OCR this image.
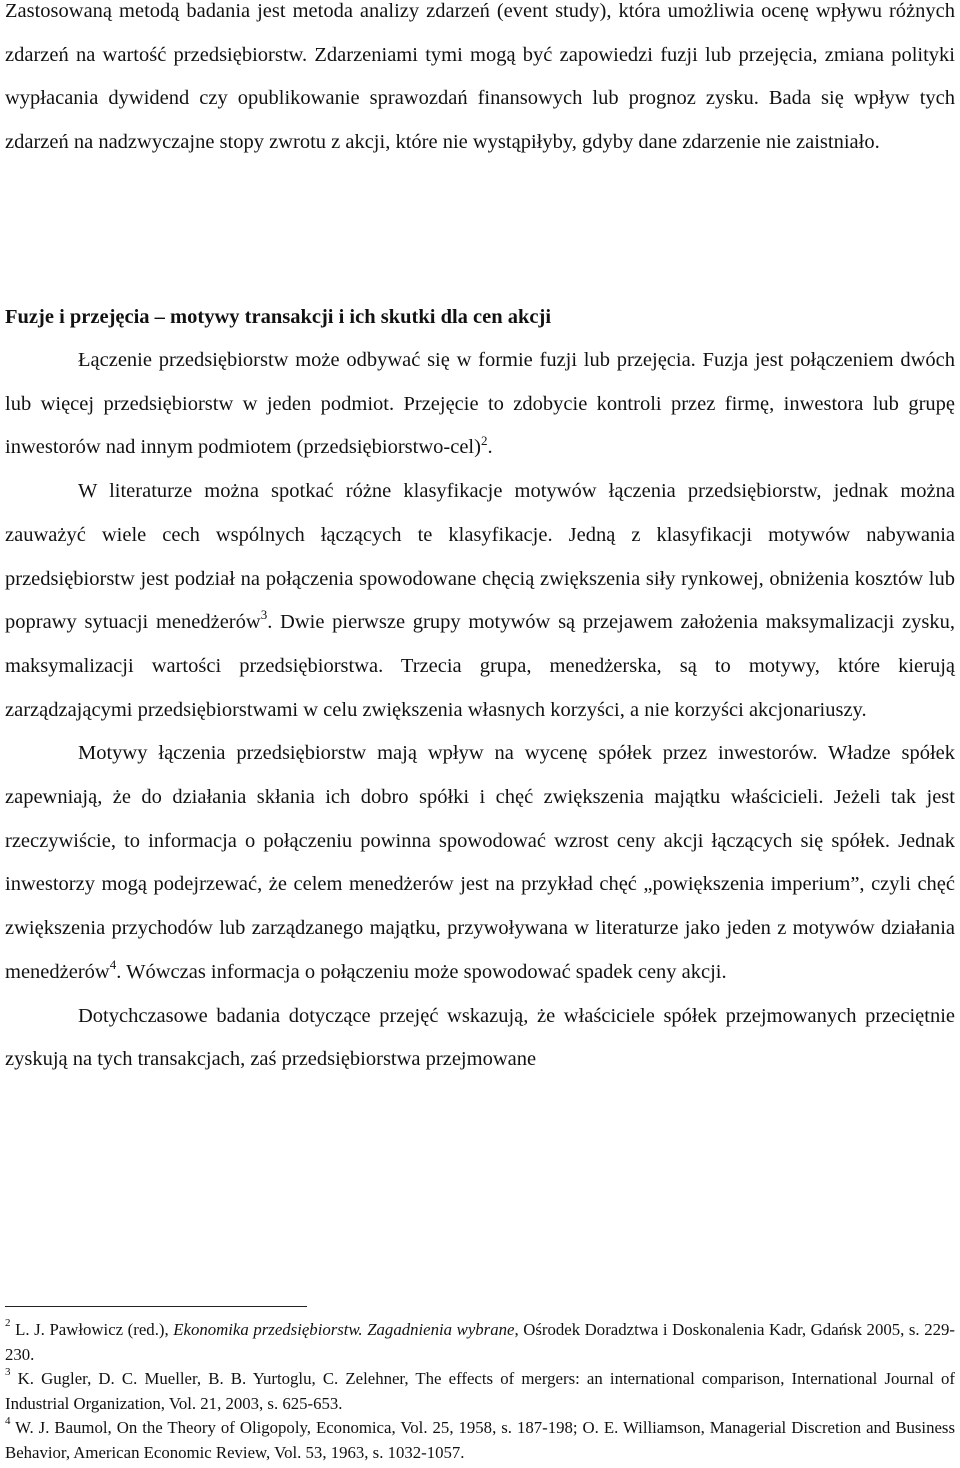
Zastosowaną metodą badania jest metoda analizy zdarzeń (event study), która umożliwia ocenę wpływu różnych zdarzeń na wartość przedsiębiorstw. Zdarzeniami tymi mogą być zapowiedzi fuzji lub przejęcia, zmiana polityki wypłacania dywidend czy opublikowanie sprawozdań finansowych lub prognoz zysku. Bada się wpływ tych zdarzeń na nadzwyczajne stopy zwrotu z akcji, które nie wystąpiłyby, gdyby dane zdarzenie nie zaistniało.

Fuzje i przejęcia – motywy transakcji i ich skutki dla cen akcji

Łączenie przedsiębiorstw może odbywać się w formie fuzji lub przejęcia. Fuzja jest połączeniem dwóch lub więcej przedsiębiorstw w jeden podmiot. Przejęcie to zdobycie kontroli przez firmę, inwestora lub grupę inwestorów nad innym podmiotem (przedsiębiorstwo-cel)$^2$.

W literaturze można spotkać różne klasyfikacje motywów łączenia przedsiębiorstw, jednak można zauważyć wiele cech wspólnych łączących te klasyfikacje. Jedną z klasyfikacji motywów nabywania przedsiębiorstw jest podział na połączenia spowodowane chęcią zwiększenia siły rynkowej, obniżenia kosztów lub poprawy sytuacji menedżerów$^3$. Dwie pierwsze grupy motywów są przejawem założenia maksymalizacji zysku, maksymalizacji wartości przedsiębiorstwa. Trzecia grupa, menedżerska, są to motywy, które kierują zarządzającymi przedsiębiorstwami w celu zwiększenia własnych korzyści, a nie korzyści akcjonariuszy.

Motywy łączenia przedsiębiorstw mają wpływ na wycenę spółek przez inwestorów. Władze spółek zapewniają, że do działania skłania ich dobro spółki i chęć zwiększenia majątku właścicieli. Jeżeli tak jest rzeczywiście, to informacja o połączeniu powinna spowodować wzrost ceny akcji łączących się spółek. Jednak inwestorzy mogą podejrzewać, że celem menedżerów jest na przykład chęć „powiększenia imperium”, czyli chęć zwiększenia przychodów lub zarządzanego majątku, przywoływana w literaturze jako jeden z motywów działania menedżerów$^4$. Wówczas informacja o połączeniu może spowodować spadek ceny akcji.

Dotychczasowe badania dotyczące przejęć wskazują, że właściciele spółek przejmowanych przeciętnie zyskują na tych transakcjach, zaś przedsiębiorstwa przejmowane

$^2$ L. J. Pawłowicz (red.), Ekonomika przedsiębiorstw. Zagadnienia wybrane, Ośrodek Doradztwa i Doskonalenia Kadr, Gdańsk 2005, s. 229-230.

$^3$ K. Gugler, D. C. Mueller, B. B. Yurtoglu, C. Zelehner, The effects of mergers: an international comparison, International Journal of Industrial Organization, Vol. 21, 2003, s. 625-653.

$^4$ W. J. Baumol, On the Theory of Oligopoly, Economica, Vol. 25, 1958, s. 187-198; O. E. Williamson, Managerial Discretion and Business Behavior, American Economic Review, Vol. 53, 1963, s. 1032-1057.
